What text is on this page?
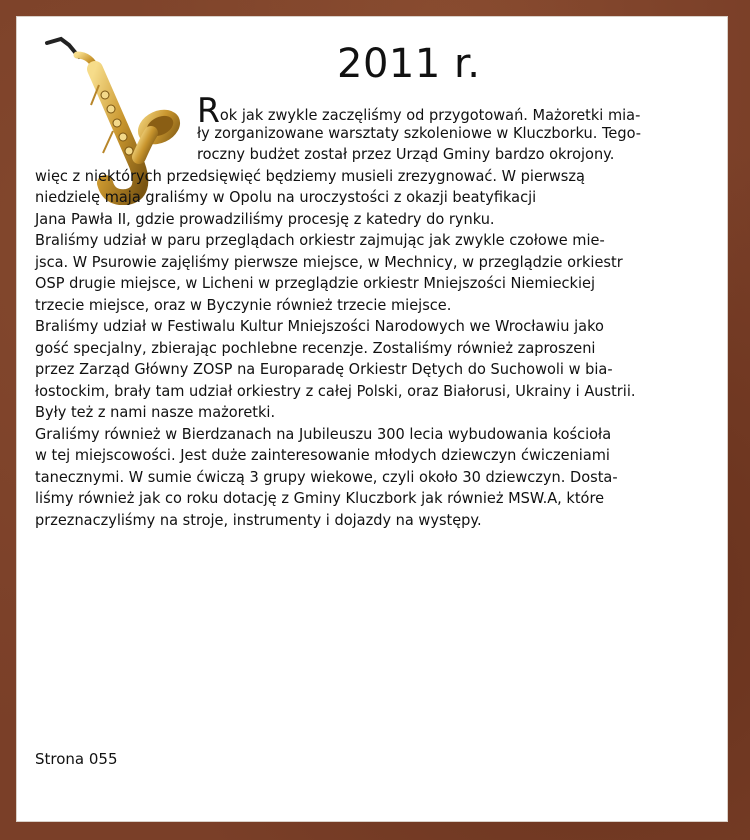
2011 r.
Rok jak zwykle zaczęliśmy od przygotowań. Mażoretki mia-
ły zorganizowane warsztaty szkoleniowe w Kluczborku. Tego-
roczny budżet został przez Urząd Gminy bardzo okrojony.
więc z niektórych przedsięwięć będziemy musieli zrezygnować. W pierwszą
niedzielę maja graliśmy w Opolu na uroczystości z okazji beatyfikacji
Jana Pawła II, gdzie prowadziliśmy procesję z katedry do rynku.
Braliśmy udział w paru przeglądach orkiestr zajmując jak zwykle czołowe mie-
jsca. W Psurowie zajęliśmy pierwsze miejsce, w Mechnicy, w przeglądzie orkiestr
OSP drugie miejsce, w Licheni w przeglądzie orkiestr Mniejszości Niemieckiej
trzecie miejsce, oraz w Byczynie również trzecie miejsce.
Braliśmy udział w Festiwalu Kultur Mniejszości Narodowych we Wrocławiu jako
gość specjalny, zbierając pochlebne recenzje. Zostaliśmy również zaproszeni
przez Zarząd Główny ZOSP na Europaradę Orkiestr Dętych do Suchowoli w bia-
łostockim, brały tam udział orkiestry z całej Polski, oraz Białorusi, Ukrainy i Austrii.
Były też z nami nasze mażoretki.
Graliśmy również w Bierdzanach na Jubileuszu 300 lecia wybudowania kościoła
w tej miejscowości. Jest duże zainteresowanie młodych dziewczyn ćwiczeniami
tanecznymi. W sumie ćwiczą 3 grupy wiekowe, czyli około 30 dziewczyn. Dosta-
liśmy również jak co roku dotację z Gminy Kluczbork jak również MSW.A, które
przeznaczyliśmy na stroje, instrumenty i dojazdy na występy.
Strona 055
